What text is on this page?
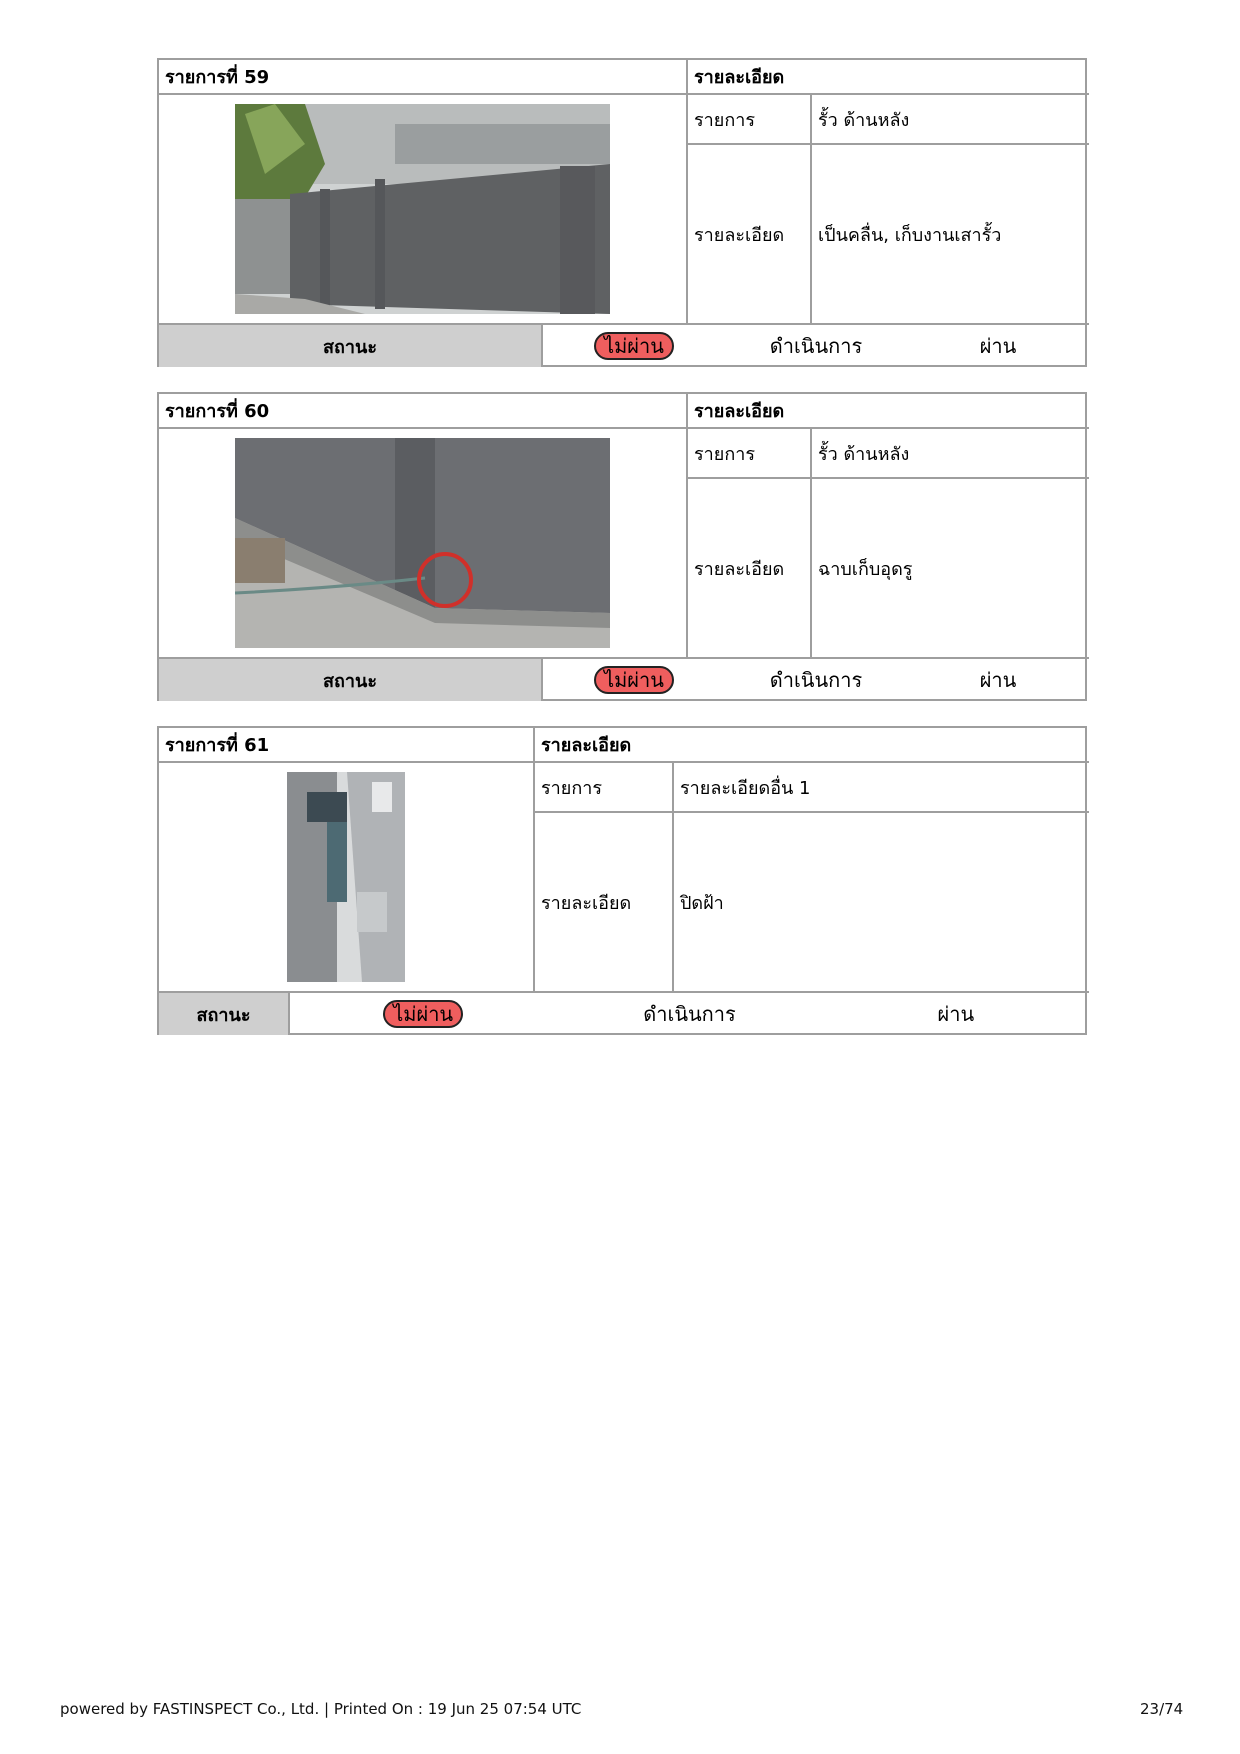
รายการที่ 59		รายละเอียด	
	รายการ	รั้ว ด้านหลัง
		รายละเอียด	เป็นคลื่น, เก็บงานเสารั้ว
สถานะ	ไม่ผ่าน ดำเนินการ ผ่าน		
รายการที่ 60		รายละเอียด	
	รายการ	รั้ว ด้านหลัง
		รายละเอียด	ฉาบเก็บอุดรู
สถานะ	ไม่ผ่าน ดำเนินการ ผ่าน		
รายการที่ 61		รายละเอียด	
	รายการ	รายละเอียดอื่น 1
		รายละเอียด	ปิดฝ้า
สถานะ	ไม่ผ่าน ดำเนินการ ผ่าน		
powered by FASTINSPECT Co., Ltd. | Printed On : 19 Jun 25 07:54 UTC	23/74
